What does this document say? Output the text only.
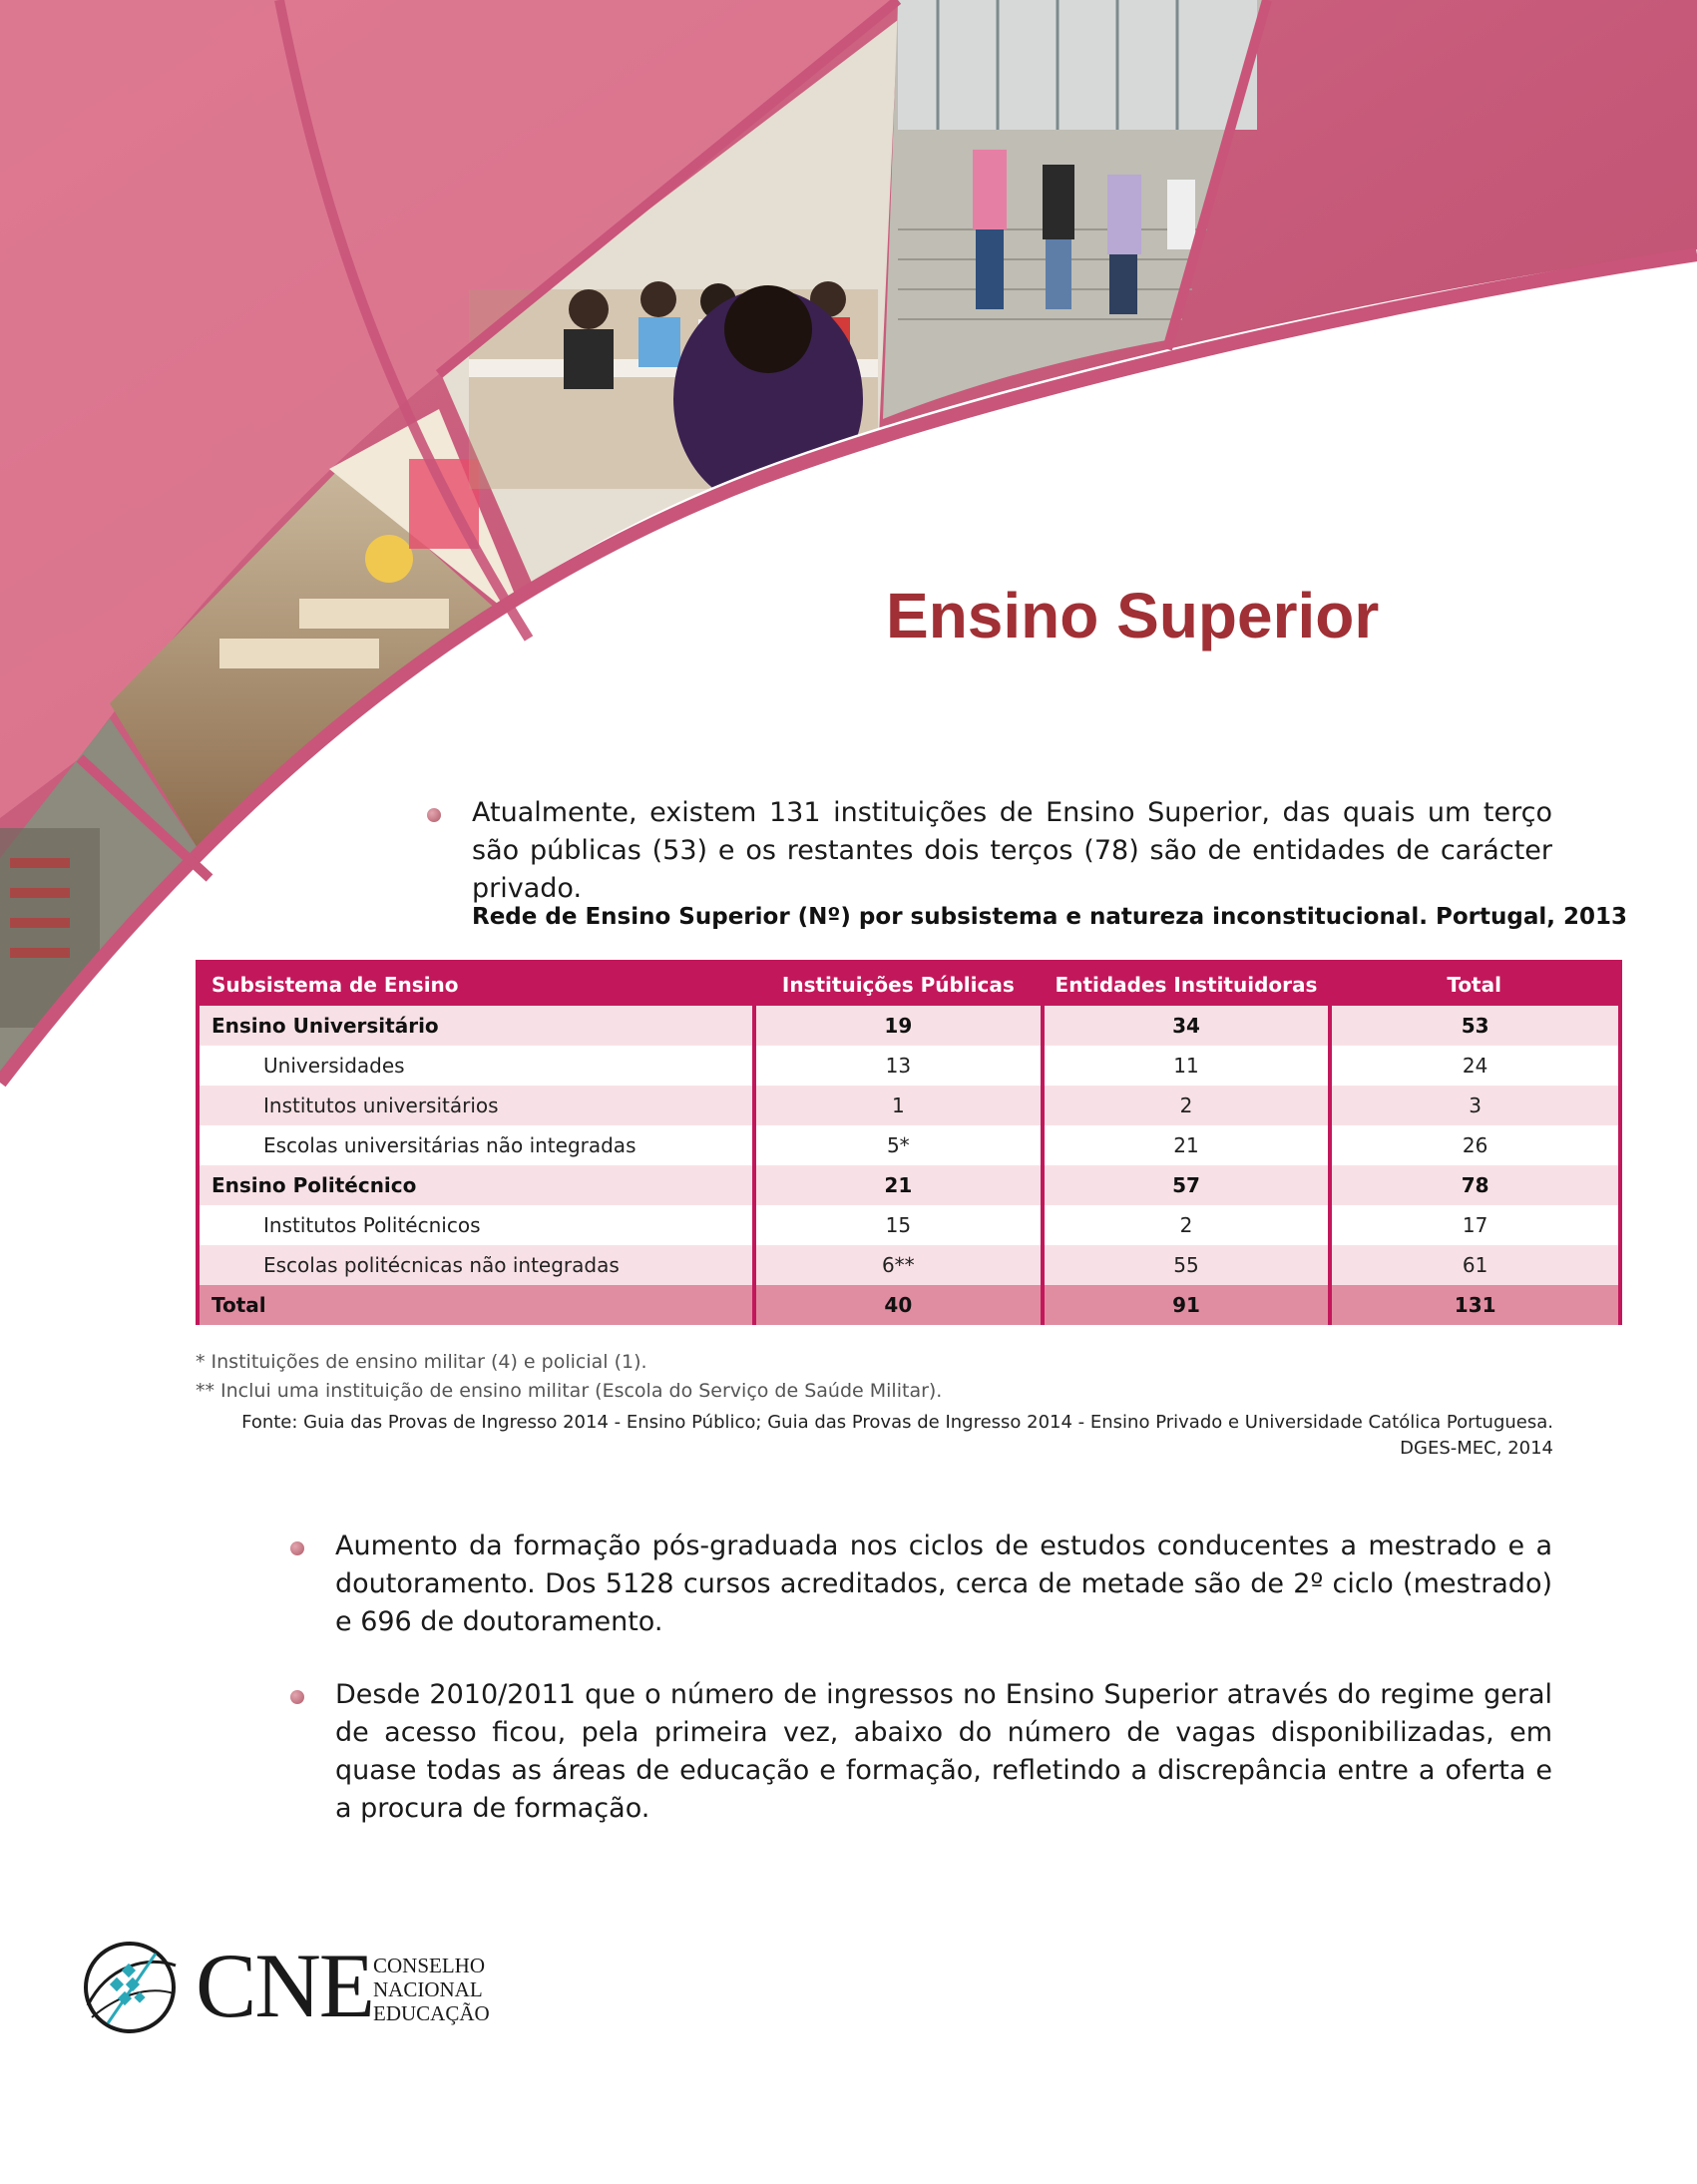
Ensino Superior

Atualmente, existem 131 instituições de Ensino Superior, das quais um terço são públicas (53) e os restantes dois terços (78) são de entidades de carácter privado.

Rede de Ensino Superior (Nº) por subsistema e natureza inconstitucional. Portugal, 2013

Subsistema de Ensino	Instituições Públicas	Entidades Instituidoras	Total
Ensino Universitário	19	34	53
Universidades	13	11	24
Institutos universitários	1	2	3
Escolas universitárias não integradas	5*	21	26
Ensino Politécnico	21	57	78
Institutos Politécnicos	15	2	17
Escolas politécnicas não integradas	6**	55	61
Total	40	91	131

* Instituições de ensino militar (4) e policial (1).

** Inclui uma instituição de ensino militar (Escola do Serviço de Saúde Militar).

Fonte: Guia das Provas de Ingresso 2014 - Ensino Público; Guia das Provas de Ingresso 2014 - Ensino Privado e Universidade Católica Portuguesa.

DGES-MEC, 2014

Aumento da formação pós-graduada nos ciclos de estudos conducentes a mestrado e a doutoramento. Dos 5128 cursos acreditados, cerca de metade são de 2º ciclo (mestrado) e 696 de doutoramento.

Desde 2010/2011 que o número de ingressos no Ensino Superior através do regime geral de acesso ficou, pela primeira vez, abaixo do número de vagas disponibilizadas, em quase todas as áreas de educação e formação, refletindo a discrepância entre a oferta e a procura de formação.

CNE CONSELHO
NACIONAL
EDUCAÇÃO
